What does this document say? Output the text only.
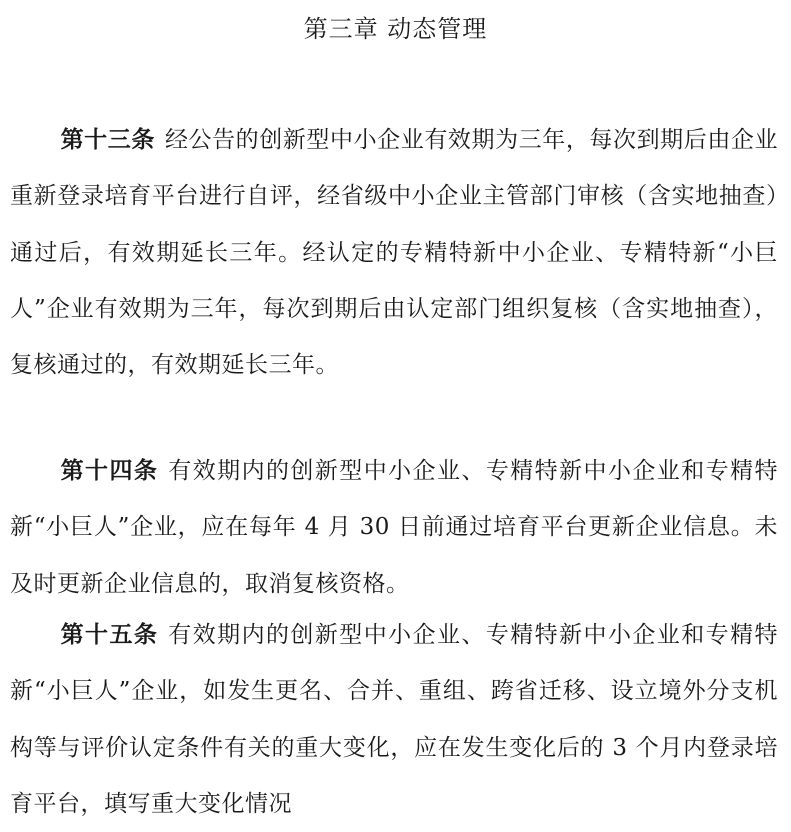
第三章 动态管理

第十三条 经公告的创新型中小企业有效期为三年，每次到期后由企业重新登录培育平台进行自评，经省级中小企业主管部门审核（含实地抽查）通过后，有效期延长三年。经认定的专精特新中小企业、专精特新“小巨人”企业有效期为三年，每次到期后由认定部门组织复核（含实地抽查），复核通过的，有效期延长三年。

第十四条 有效期内的创新型中小企业、专精特新中小企业和专精特新“小巨人”企业，应在每年 4 月 30 日前通过培育平台更新企业信息。未及时更新企业信息的，取消复核资格。

第十五条 有效期内的创新型中小企业、专精特新中小企业和专精特新“小巨人”企业，如发生更名、合并、重组、跨省迁移、设立境外分支机构等与评价认定条件有关的重大变化，应在发生变化后的 3 个月内登录培育平台，填写重大变化情况
